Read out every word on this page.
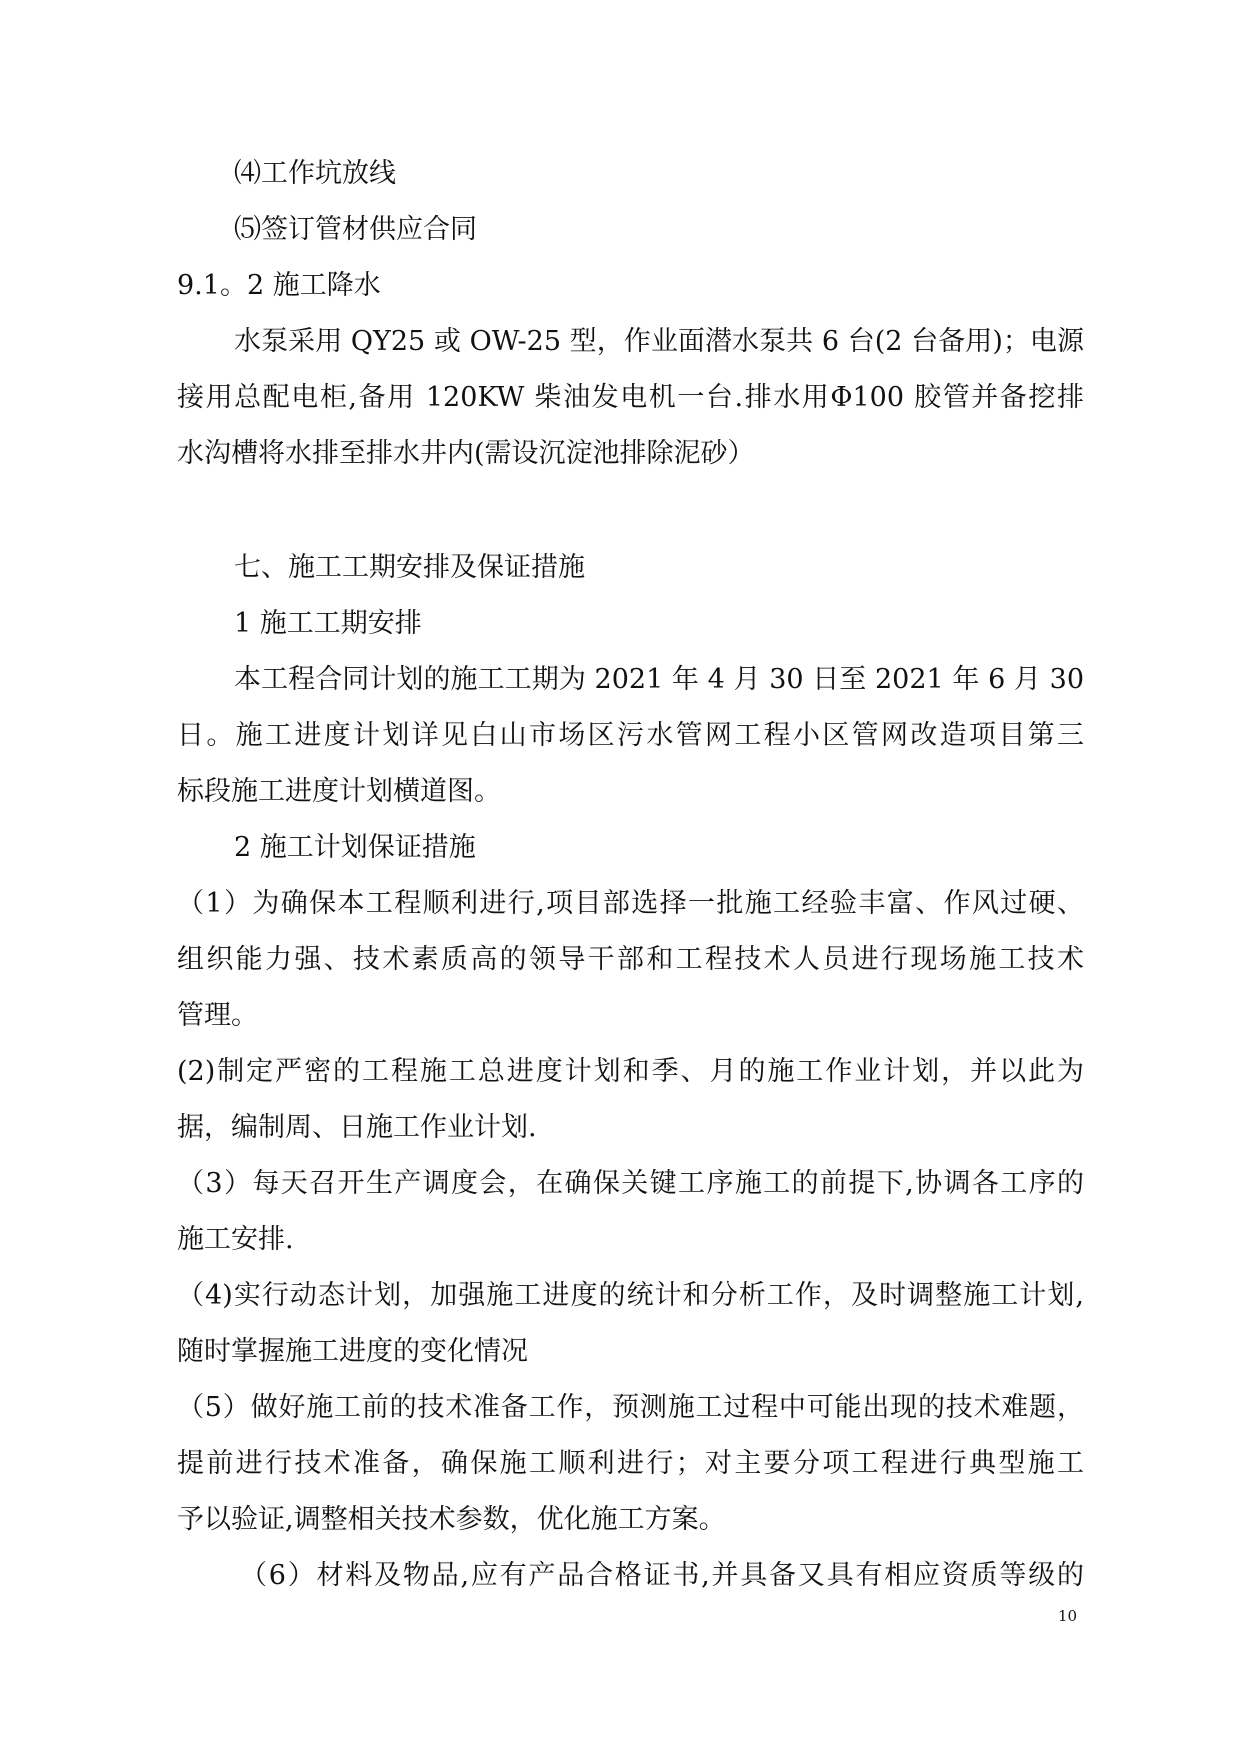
⑷工作坑放线
⑸签订管材供应合同
9.1。2 施工降水
水泵采用 QY25 或 OW-25 型，作业面潜水泵共 6 台(2 台备用)；电源
接用总配电柜,备用 120KW 柴油发电机一台.排水用Φ100 胶管并备挖排
水沟槽将水排至排水井内(需设沉淀池排除泥砂）
七、施工工期安排及保证措施
1 施工工期安排
本工程合同计划的施工工期为 2021 年 4 月 30 日至 2021 年 6 月 30
日。施工进度计划详见白山市场区污水管网工程小区管网改造项目第三
标段施工进度计划横道图。
2 施工计划保证措施
（1）为确保本工程顺利进行,项目部选择一批施工经验丰富、作风过硬、
组织能力强、技术素质高的领导干部和工程技术人员进行现场施工技术
管理。
(2)制定严密的工程施工总进度计划和季、月的施工作业计划，并以此为
据，编制周、日施工作业计划.
（3）每天召开生产调度会，在确保关键工序施工的前提下,协调各工序的
施工安排.
（4)实行动态计划，加强施工进度的统计和分析工作，及时调整施工计划,
随时掌握施工进度的变化情况
（5）做好施工前的技术准备工作，预测施工过程中可能出现的技术难题，
提前进行技术准备，确保施工顺利进行；对主要分项工程进行典型施工
予以验证,调整相关技术参数，优化施工方案。
（6）材料及物品,应有产品合格证书,并具备又具有相应资质等级的
10
